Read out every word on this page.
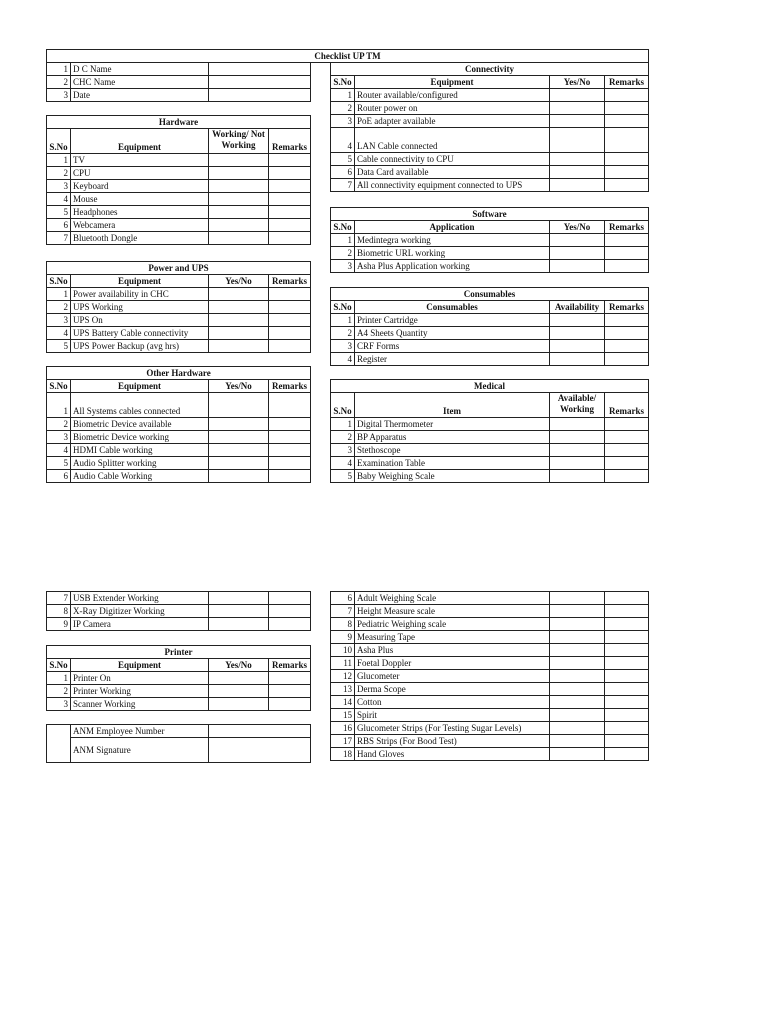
Checklist UP TM
1	D C Name	
2	CHC Name	
3	Date	
Hardware			
S.No	Equipment	Working/ Not Working	Remarks
1	TV		
2	CPU		
3	Keyboard		
4	Mouse		
5	Headphones		
6	Webcamera		
7	Bluetooth Dongle		
Power and UPS			
S.No	Equipment	Yes/No	Remarks
1	Power availability in CHC		
2	UPS Working		
3	UPS On		
4	UPS Battery Cable connectivity		
5	UPS Power Backup (avg hrs)		
Other Hardware			
S.No	Equipment	Yes/No	Remarks
1	All Systems cables connected		
2	Biometric Device available		
3	Biometric Device working		
4	HDMI Cable working		
5	Audio Splitter working		
6	Audio Cable Working		
7	USB Extender Working		
8	X-Ray Digitizer Working		
9	IP Camera		
Printer			
S.No	Equipment	Yes/No	Remarks
1	Printer On		
2	Printer Working		
3	Scanner Working		
	ANM Employee Number	
	ANM Signature	
Connectivity			
S.No	Equipment	Yes/No	Remarks
1	Router available/configured		
2	Router power on		
3	PoE adapter available		
4	LAN Cable connected		
5	Cable connectivity to CPU		
6	Data Card available		
7	All connectivity equipment connected to UPS		
Software			
S.No	Application	Yes/No	Remarks
1	Medintegra working		
2	Biometric URL working		
3	Asha Plus Application working		
Consumables			
S.No	Consumables	Availability	Remarks
1	Printer Cartridge		
2	A4 Sheets Quantity		
3	CRF Forms		
4	Register		
Medical			
S.No	Item	Available/ Working	Remarks
1	Digital Thermometer		
2	BP Apparatus		
3	Stethoscope		
4	Examination Table		
5	Baby Weighing Scale		
6	Adult Weighing Scale		
7	Height Measure scale		
8	Pediatric Weighing scale		
9	Measuring Tape		
10	Asha Plus		
11	Foetal Doppler		
12	Glucometer		
13	Derma Scope		
14	Cotton		
15	Spirit		
16	Glucometer Strips (For Testing Sugar Levels)		
17	RBS Strips (For Bood Test)		
18	Hand Gloves		
